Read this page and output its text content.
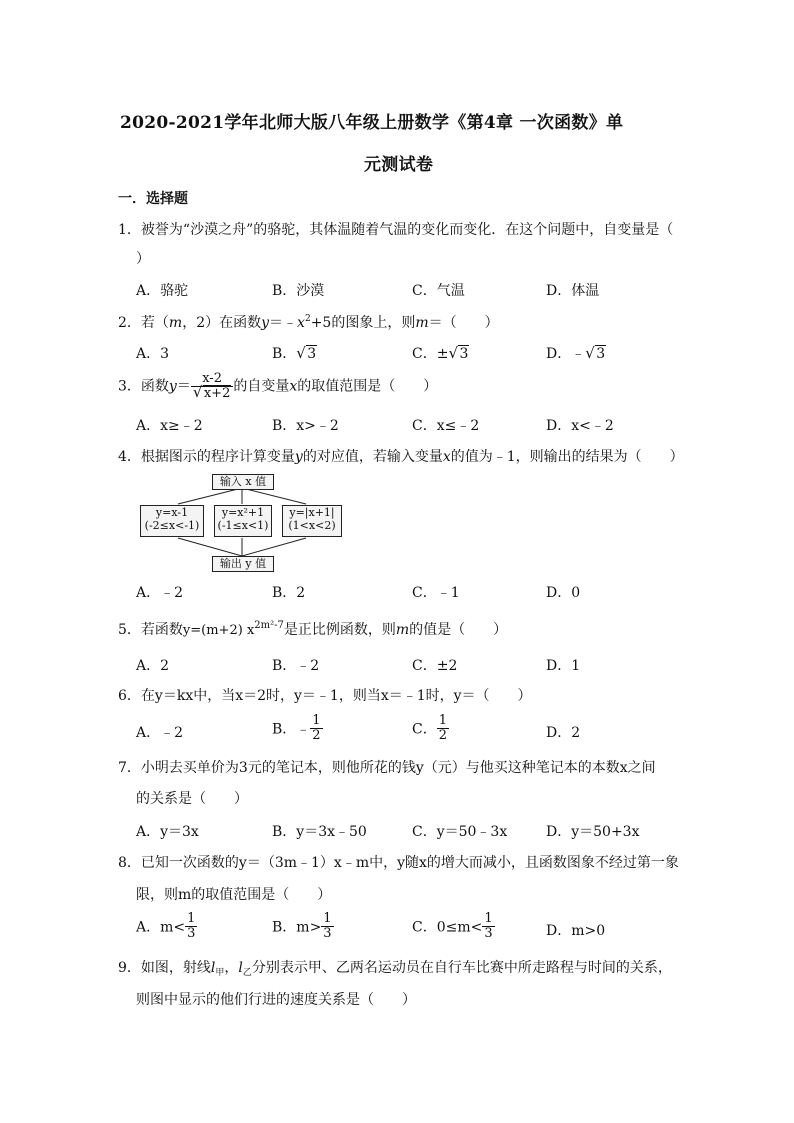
2020-2021学年北师大版八年级上册数学《第4章 一次函数》单
元测试卷
一．选择题
1．被誉为“沙漠之舟”的骆驼，其体温随着气温的变化而变化．在这个问题中，自变量是（
）
A．骆驼	B．沙漠	C．气温	D．体温
2．若（m，2）在函数$y=﹣x^2+5$的图象上，则m＝（　　）
A．3	B． √ 3	C．± √ 3	D．﹣ √ 3
3．函数y＝ x-2
√ x+2 的自变量x的取值范围是（　　）
A．x≥﹣2	B．x>﹣2	C．x≤﹣2	D．x<﹣2
4．根据图示的程序计算变量y的对应值，若输入变量x的值为﹣1，则输出的结果为（　　）
输入 x 值
y=x-1
(-2≤x<-1)
y=x²+1
(-1≤x<1)
y=|x+1|
(1<x<2)
输出 y 值
A．﹣2	B．2	C．﹣1	D．0
5．若函数y=(m+2) $x^{2m^2-7}$是正比例函数，则m的值是（　　）
A．2	B．﹣2	C．±2	D．1
6．在y＝kx中，当x＝2时，y＝﹣1，则当x＝﹣1时，y＝（　　）
A．﹣2	B．﹣ $\frac{1}{2}$	C． $\frac{1}{2}$	D．2
7．小明去买单价为3元的笔记本，则他所花的钱y（元）与他买这种笔记本的本数x之间
的关系是（　　）
A．y＝3x	B．y＝3x﹣50	C．y＝50﹣3x	D．y＝50+3x
8．已知一次函数的y＝（3m﹣1）x﹣m中，y随x的增大而减小，且函数图象不经过第一象
限，则m的取值范围是（　　）
A．$m< \frac{1}{3}$	B．$m> \frac{1}{3}$	C．$0\le m< \frac{1}{3}$	D．m>0
9．如图，射线$l_甲$，$l_乙$分别表示甲、乙两名运动员在自行车比赛中所走路程与时间的关系，
则图中显示的他们行进的速度关系是（　　）
